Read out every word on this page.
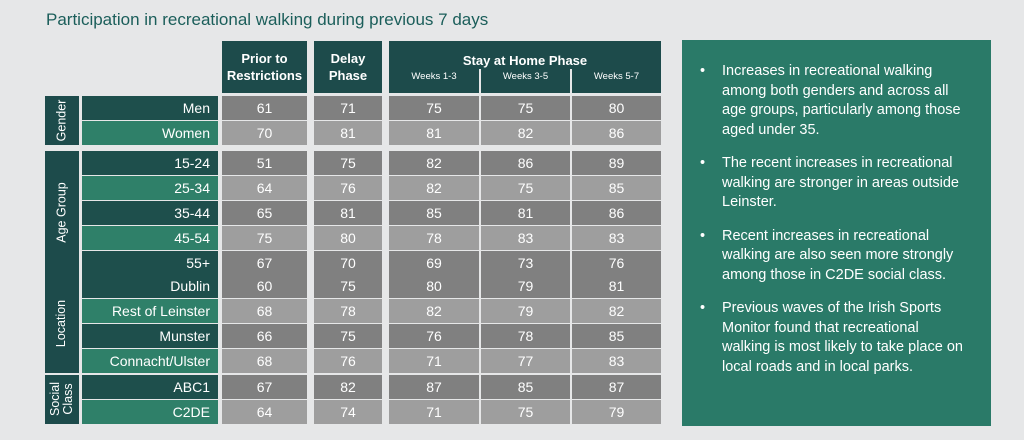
Participation in recreational walking during previous 7 days
Prior to Restrictions
Delay Phase
Stay at Home Phase
Weeks 1-3	Weeks 3-5	Weeks 5-7
Gender	Men	61	71	75	75	80
Women	70	81	81	82	86
Age Group
15-24	51	75	82	86	89
25-34	64	76	82	75	85
35-44	65	81	85	81	86
45-54	75	80	78	83	83
55+	67	70	69	73	76
Location
Dublin	60	75	80	79	81
Rest of Leinster	68	78	82	79	82
Munster	66	75	76	78	85
Connacht/Ulster	68	76	71	77	83
Social Class	ABC1	67	82	87	85	87
C2DE	64	74	71	75	79
•	Increases in recreational walking among both genders and across all age groups, particularly among those aged under 35.
•	The recent increases in recreational walking are stronger in areas outside Leinster.
•	Recent increases in recreational walking are also seen more strongly among those in C2DE social class.
•	Previous waves of the Irish Sports Monitor found that recreational walking is most likely to take place on local roads and in local parks.
